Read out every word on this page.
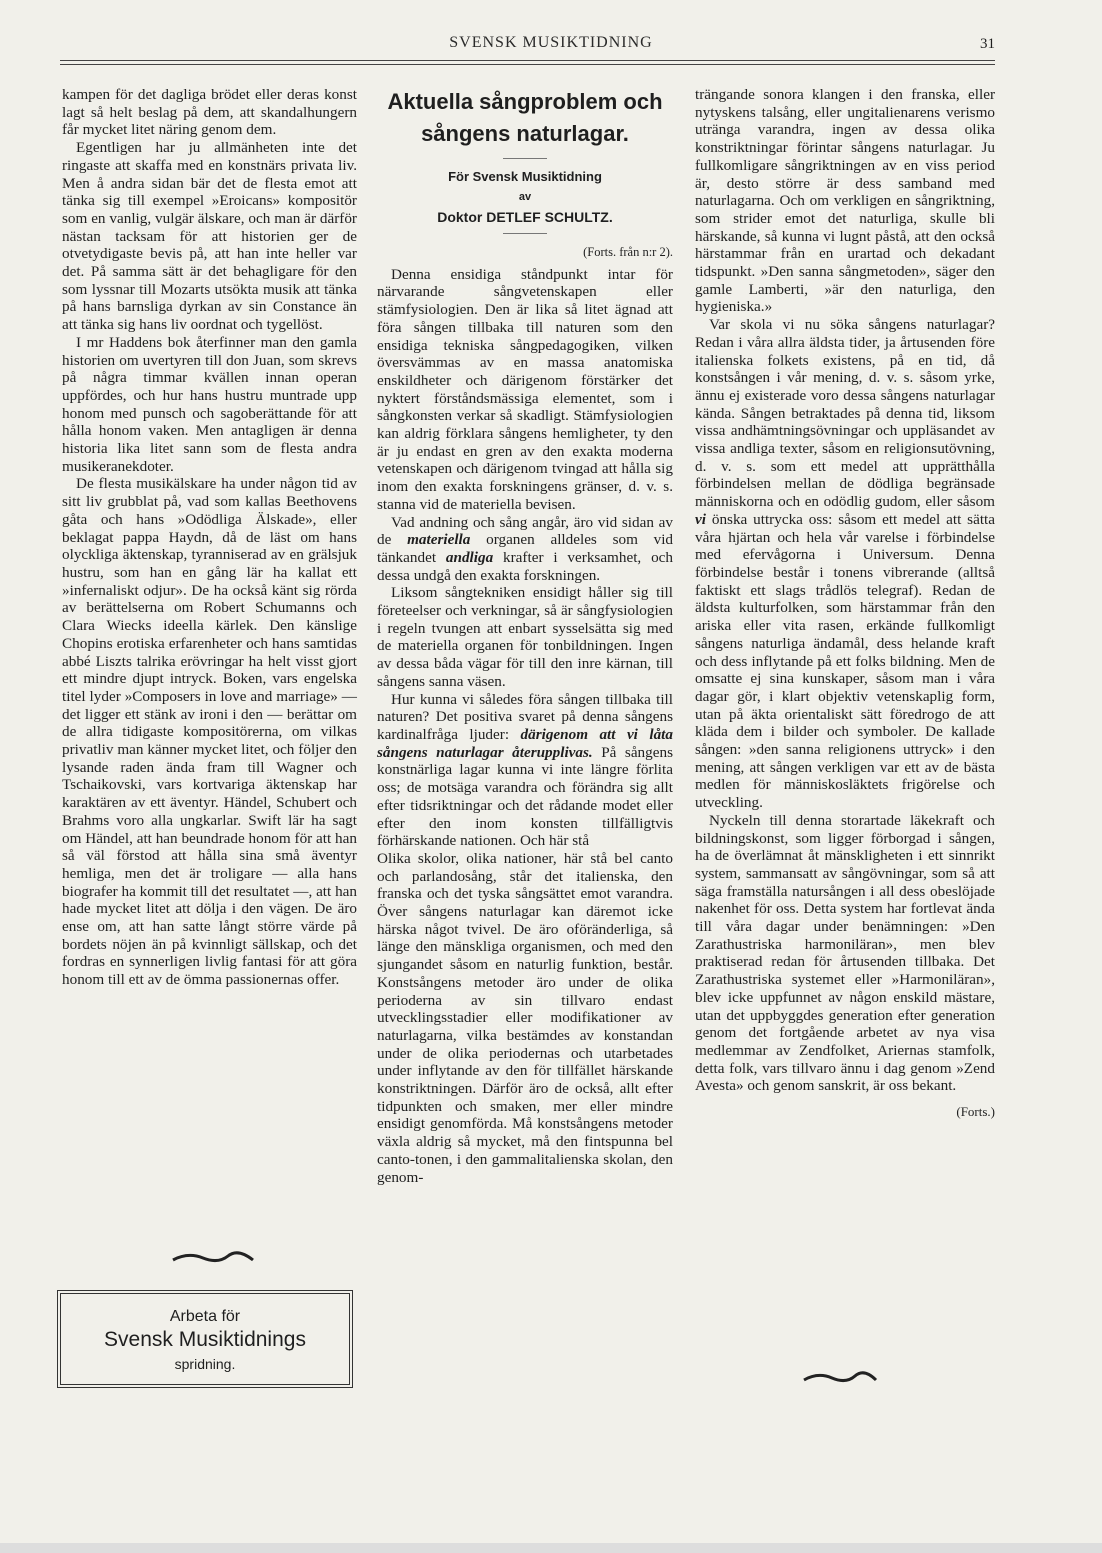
SVENSK MUSIKTIDNING	31

kampen för det dagliga brödet eller deras konst lagt så helt beslag på dem, att skandalhungern får mycket litet näring genom dem.

Egentligen har ju allmänheten inte det ringaste att skaffa med en konstnärs privata liv. Men å andra sidan bär det de flesta emot att tänka sig till exempel »Eroicans» kompositör som en vanlig, vulgär älskare, och man är därför nästan tacksam för att historien ger de otvetydigaste bevis på, att han inte heller var det. På samma sätt är det behagligare för den som lyssnar till Mozarts utsökta musik att tänka på hans barnsliga dyrkan av sin Constance än att tänka sig hans liv oordnat och tygellöst.

I mr Haddens bok återfinner man den gamla historien om uvertyren till don Juan, som skrevs på några timmar kvällen innan operan uppfördes, och hur hans hustru muntrade upp honom med punsch och sagoberättande för att hålla honom vaken. Men antagligen är denna historia lika litet sann som de flesta andra musikeranekdoter.

De flesta musikälskare ha under någon tid av sitt liv grubblat på, vad som kallas Beethovens gåta och hans »Odödliga Älskade», eller beklagat pappa Haydn, då de läst om hans olyckliga äktenskap, tyranniserad av en grälsjuk hustru, som han en gång lär ha kallat ett »infernaliskt odjur». De ha också känt sig rörda av berättelserna om Robert Schumanns och Clara Wiecks ideella kärlek. Den känslige Chopins erotiska erfarenheter och hans samtidas abbé Liszts talrika erövringar ha helt visst gjort ett mindre djupt intryck. Boken, vars engelska titel lyder »Composers in love and marriage» — det ligger ett stänk av ironi i den — berättar om de allra tidigaste kompositörerna, om vilkas privatliv man känner mycket litet, och följer den lysande raden ända fram till Wagner och Tschaikovski, vars kortvariga äktenskap har karaktären av ett äventyr. Händel, Schubert och Brahms voro alla ungkarlar. Swift lär ha sagt om Händel, att han beundrade honom för att han så väl förstod att hålla sina små äventyr hemliga, men det är troligare — alla hans biografer ha kommit till det resultatet —, att han hade mycket litet att dölja i den vägen. De äro ense om, att han satte långt större värde på bordets nöjen än på kvinnligt sällskap, och det fordras en synnerligen livlig fantasi för att göra honom till ett av de ömma passionernas offer.

Arbeta för
Svensk Musiktidnings
spridning.
Aktuella sångproblem och sångens naturlagar.
För Svensk Musiktidning
av
Doktor DETLEF SCHULTZ.
(Forts. från n:r 2).

Denna ensidiga ståndpunkt intar för närvarande sångvetenskapen eller stämfysiologien. Den är lika så litet ägnad att föra sången tillbaka till naturen som den ensidiga tekniska sångpedagogiken, vilken översvämmas av en massa anatomiska enskildheter och därigenom förstärker det nyktert förståndsmässiga elementet, som i sångkonsten verkar så skadligt. Stämfysiologien kan aldrig förklara sångens hemligheter, ty den är ju endast en gren av den exakta moderna vetenskapen och därigenom tvingad att hålla sig inom den exakta forskningens gränser, d. v. s. stanna vid de materiella bevisen.

Vad andning och sång angår, äro vid sidan av de materiella organen alldeles som vid tänkandet andliga krafter i verksamhet, och dessa undgå den exakta forskningen.

Liksom sångtekniken ensidigt håller sig till företeelser och verkningar, så är sångfysiologien i regeln tvungen att enbart sysselsätta sig med de materiella organen för tonbildningen. Ingen av dessa båda vägar för till den inre kärnan, till sångens sanna väsen.

Hur kunna vi således föra sången tillbaka till naturen? Det positiva svaret på denna sångens kardinalfråga ljuder: därigenom att vi låta sångens naturlagar återupplivas. På sångens konstnärliga lagar kunna vi inte längre förlita oss; de motsäga varandra och förändra sig allt efter tidsriktningar och det rådande modet eller efter den inom konsten tillfälligtvis förhärskande nationen. Och här stå

Olika skolor, olika nationer, här stå bel canto och parlandosång, står det italienska, den franska och det tyska sångsättet emot varandra. Över sångens naturlagar kan däremot icke härska något tvivel. De äro oföränderliga, så länge den mänskliga organismen, och med den sjungandet såsom en naturlig funktion, består. Konstsångens metoder äro under de olika perioderna av sin tillvaro endast utvecklingsstadier eller modifikationer av naturlagarna, vilka bestämdes av konstandan under de olika periodernas och utarbetades under inflytande av den för tillfället härskande konstriktningen. Därför äro de också, allt efter tidpunkten och smaken, mer eller mindre ensidigt genomförda. Må konstsångens metoder växla aldrig så mycket, må den fintspunna bel canto-tonen, i den gammalitalienska skolan, den genom-

trängande sonora klangen i den franska, eller nytyskens talsång, eller ungitalienarens verismo utränga varandra, ingen av dessa olika konstriktningar förintar sångens naturlagar. Ju fullkomligare sångriktningen av en viss period är, desto större är dess samband med naturlagarna. Och om verkligen en sångriktning, som strider emot det naturliga, skulle bli härskande, så kunna vi lugnt påstå, att den också härstammar från en urartad och dekadant tidspunkt. »Den sanna sångmetoden», säger den gamle Lamberti, »är den naturliga, den hygieniska.»

Var skola vi nu söka sångens naturlagar? Redan i våra allra äldsta tider, ja årtusenden före italienska folkets existens, på en tid, då konstsången i vår mening, d. v. s. såsom yrke, ännu ej existerade voro dessa sångens naturlagar kända. Sången betraktades på denna tid, liksom vissa andhämtningsövningar och uppläsandet av vissa andliga texter, såsom en religionsutövning, d. v. s. som ett medel att upprätthålla förbindelsen mellan de dödliga begränsade människorna och en odödlig gudom, eller såsom vi önska uttrycka oss: såsom ett medel att sätta våra hjärtan och hela vår varelse i förbindelse med efervågorna i Universum. Denna förbindelse består i tonens vibrerande (alltså faktiskt ett slags trådlös telegraf). Redan de äldsta kulturfolken, som härstammar från den ariska eller vita rasen, erkände fullkomligt sångens naturliga ändamål, dess helande kraft och dess inflytande på ett folks bildning. Men de omsatte ej sina kunskaper, såsom man i våra dagar gör, i klart objektiv vetenskaplig form, utan på äkta orientaliskt sätt föredrogo de att kläda dem i bilder och symboler. De kallade sången: »den sanna religionens uttryck» i den mening, att sången verkligen var ett av de bästa medlen för människosläktets frigörelse och utveckling.

Nyckeln till denna storartade läkekraft och bildningskonst, som ligger förborgad i sången, ha de överlämnat åt mänskligheten i ett sinnrikt system, sammansatt av sångövningar, som så att säga framställa natursången i all dess obeslöjade nakenhet för oss. Detta system har fortlevat ända till våra dagar under benämningen: »Den Zarathustriska harmoniläran», men blev praktiserad redan för årtusenden tillbaka. Det Zarathustriska systemet eller »Harmoniläran», blev icke uppfunnet av någon enskild mästare, utan det uppbyggdes generation efter generation genom det fortgående arbetet av nya visa medlemmar av Zendfolket, Ariernas stamfolk, detta folk, vars tillvaro ännu i dag genom »Zend Avesta» och genom sanskrit, är oss bekant.

(Forts.)
